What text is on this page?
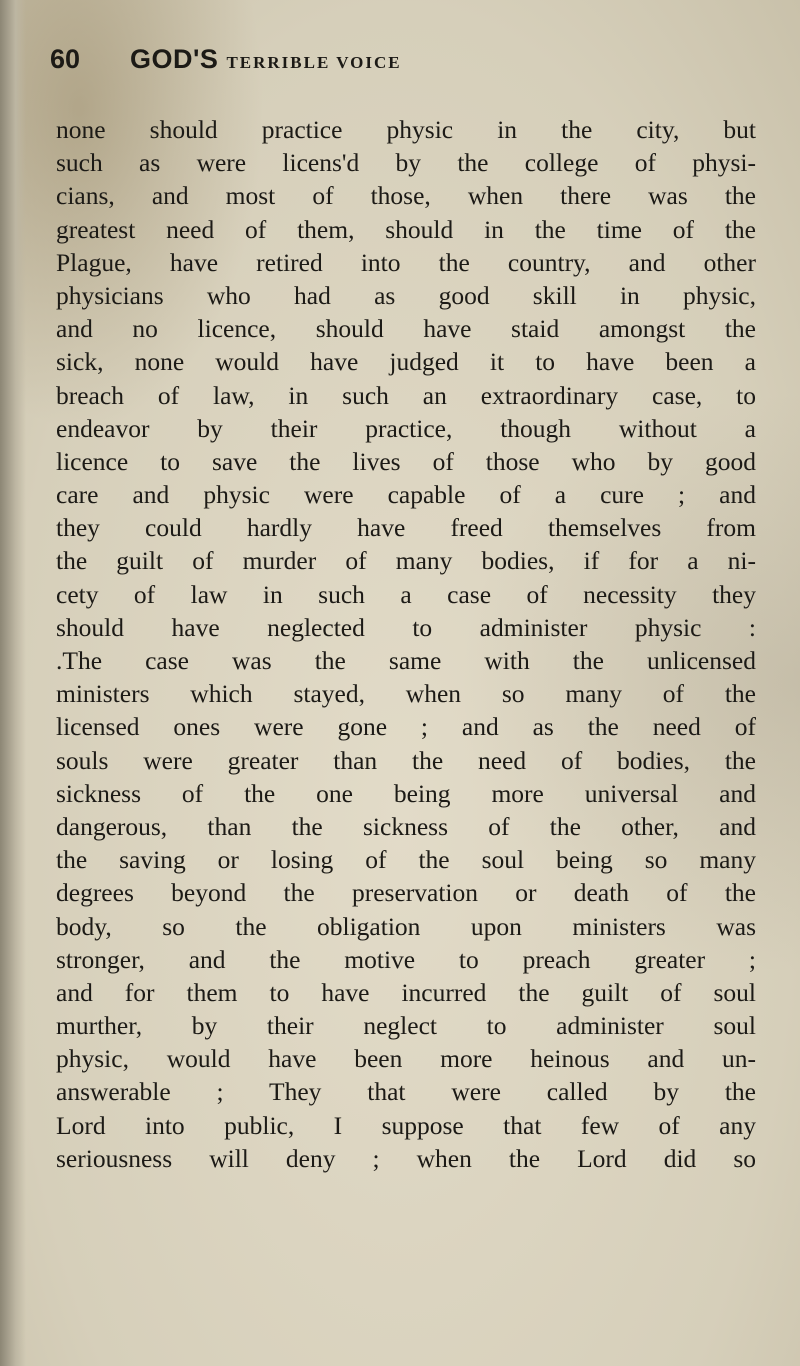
60 GOD'S TERRIBLE VOICE
none should practice physic in the city, but
such as were licens'd by the college of physi-
cians, and most of those, when there was the
greatest need of them, should in the time of the
Plague, have retired into the country, and other
physicians who had as good skill in physic,
and no licence, should have staid amongst the
sick, none would have judged it to have been a
breach of law, in such an extraordinary case, to
endeavor by their practice, though without a
licence to save the lives of those who by good
care and physic were capable of a cure ; and
they could hardly have freed themselves from
the guilt of murder of many bodies, if for a ni-
cety of law in such a case of necessity they
should have neglected to administer physic :
.The case was the same with the unlicensed
ministers which stayed, when so many of the
licensed ones were gone ; and as the need of
souls were greater than the need of bodies, the
sickness of the one being more universal and
dangerous, than the sickness of the other, and
the saving or losing of the soul being so many
degrees beyond the preservation or death of the
body, so the obligation upon ministers was
stronger, and the motive to preach greater ;
and for them to have incurred the guilt of soul
murther, by their neglect to administer soul
physic, would have been more heinous and un-
answerable ; They that were called by the
Lord into public, I suppose that few of any
seriousness will deny ; when the Lord did so
